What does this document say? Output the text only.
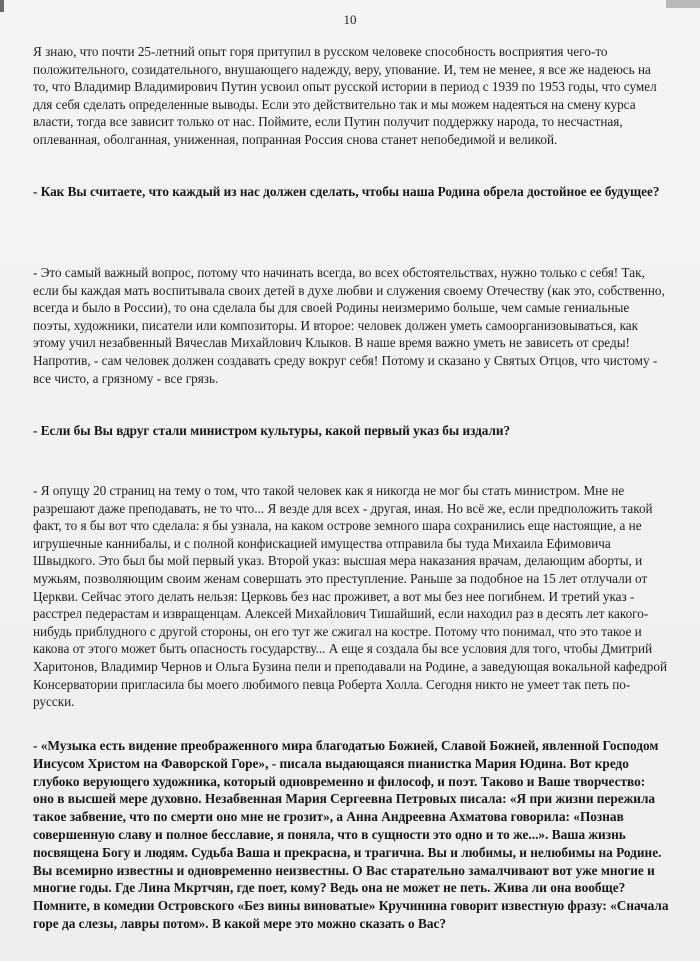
10

Я знаю, что почти 25-летний опыт горя притупил в русском человеке способность восприятия чего-то положительного, созидательного, внушающего надежду, веру, упование. И, тем не менее, я все же надеюсь на то, что Владимир Владимирович Путин усвоил опыт русской истории в период с 1939 по 1953 годы, что сумел для себя сделать определенные выводы. Если это действительно так и мы можем надеяться на смену курса власти, тогда все зависит только от нас. Поймите, если Путин получит поддержку народа, то несчастная, оплеванная, оболганная, униженная, попранная Россия снова станет непобедимой и великой.

- Как Вы считаете, что каждый из нас должен сделать, чтобы наша Родина обрела достойное ее будущее?

- Это самый важный вопрос, потому что начинать всегда, во всех обстоятельствах, нужно только с себя! Так, если бы каждая мать воспитывала своих детей в духе любви и служения своему Отечеству (как это, собственно, всегда и было в России), то она сделала бы для своей Родины неизмеримо больше, чем самые гениальные поэты, художники, писатели или композиторы. И второе: человек должен уметь самоорганизовываться, как этому учил незабвенный Вячеслав Михайлович Клыков. В наше время важно уметь не зависеть от среды! Напротив, - сам человек должен создавать среду вокруг себя! Потому и сказано у Святых Отцов, что чистому - все чисто, а грязному - все грязь.

- Если бы Вы вдруг стали министром культуры, какой первый указ бы издали?

- Я опущу 20 страниц на тему о том, что такой человек как я никогда не мог бы стать министром. Мне не разрешают даже преподавать, не то что... Я везде для всех - другая, иная. Но всё же, если предположить такой факт, то я бы вот что сделала: я бы узнала, на каком острове земного шара сохранились еще настоящие, а не игрушечные каннибалы, и с полной конфискацией имущества отправила бы туда Михаила Ефимовича Швыдкого. Это был бы мой первый указ. Второй указ: высшая мера наказания врачам, делающим аборты, и мужьям, позволяющим своим женам совершать это преступление. Раньше за подобное на 15 лет отлучали от Церкви. Сейчас этого делать нельзя: Церковь без нас проживет, а вот мы без нее погибнем. И третий указ - расстрел педерастам и извращенцам. Алексей Михайлович Тишайший, если находил раз в десять лет какого-нибудь приблудного с другой стороны, он его тут же сжигал на костре. Потому что понимал, что это такое и какова от этого может быть опасность государству... А еще я создала бы все условия для того, чтобы Дмитрий Харитонов, Владимир Чернов и Ольга Бузина пели и преподавали на Родине, а заведующая вокальной кафедрой Консерватории пригласила бы моего любимого певца Роберта Холла. Сегодня никто не умеет так петь по-русски.

- «Музыка есть видение преображенного мира благодатью Божией, Славой Божией, явленной Господом Иисусом Христом на Фаворской Горе», - писала выдающаяся пианистка Мария Юдина. Вот кредо глубоко верующего художника, который одновременно и философ, и поэт. Таково и Ваше творчество: оно в высшей мере духовно. Незабвенная Мария Сергеевна Петровых писала: «Я при жизни пережила такое забвение, что по смерти оно мне не грозит», а Анна Андреевна Ахматова говорила: «Познав совершенную славу и полное бесславие, я поняла, что в сущности это одно и то же...». Ваша жизнь посвящена Богу и людям. Судьба Ваша и прекрасна, и трагична. Вы и любимы, и нелюбимы на Родине. Вы всемирно известны и одновременно неизвестны. О Вас старательно замалчивают вот уже многие и многие годы. Где Лина Мкртчян, где поет, кому? Ведь она не может не петь. Жива ли она вообще? Помните, в комедии Островского «Без вины виноватые» Кручинина говорит известную фразу: «Сначала горе да слезы, лавры потом». В какой мере это можно сказать о Вас?
